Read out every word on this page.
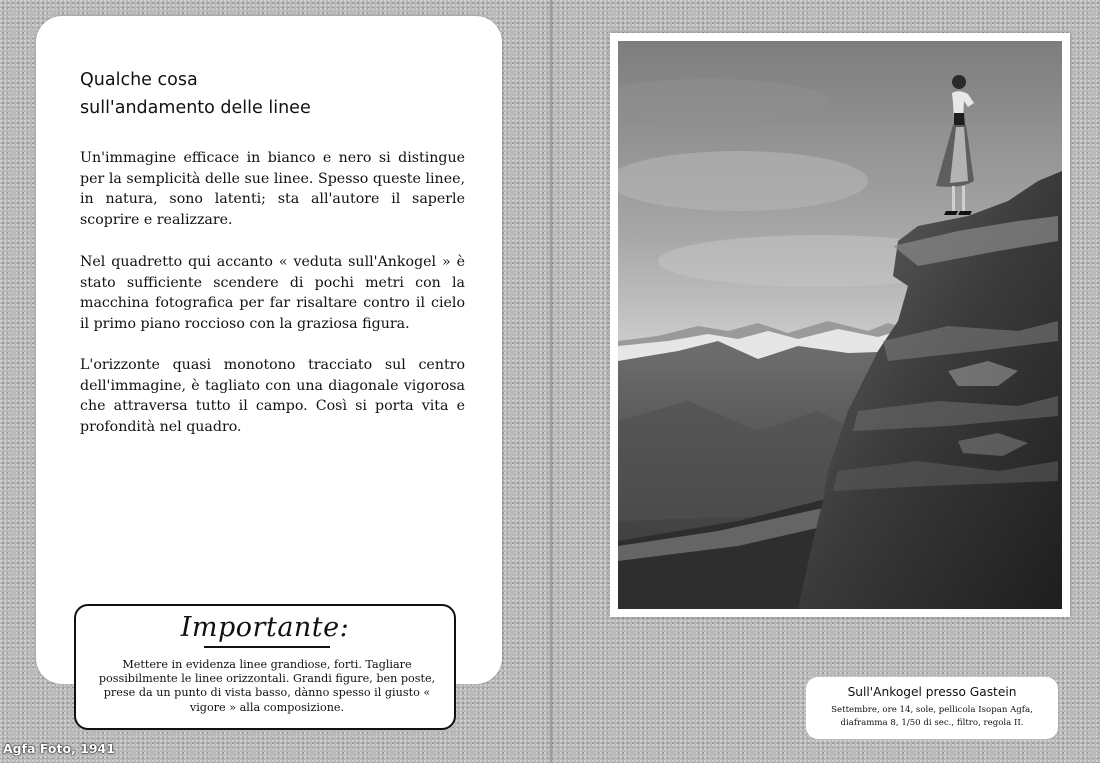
Qualche cosa
sull'andamento delle linee

Un'immagine efficace in bianco e nero si distingue per la semplicità delle sue linee. Spesso queste linee, in natura, sono latenti; sta all'autore il saperle scoprire e realizzare.

Nel quadretto qui accanto « veduta sull'Ankogel » è stato sufficiente scendere di pochi metri con la macchina fotografica per far risaltare contro il cielo il primo piano roccioso con la graziosa figura.

L'orizzonte quasi monotono tracciato sul centro dell'immagine, è tagliato con una diagonale vigorosa che attraversa tutto il campo. Così si porta vita e profondità nel quadro.

Importante:
Mettere in evidenza linee grandiose, forti. Tagliare possibilmente le linee orizzontali. Grandi figure, ben poste, prese da un punto di vista basso, dànno spesso il giusto « vigore » alla composizione.
Sull'Ankogel presso Gastein
Settembre, ore 14, sole, pellicola Isopan Agfa, diaframma 8, 1/50 di sec., filtro, regola II.
Agfa Foto, 1941
